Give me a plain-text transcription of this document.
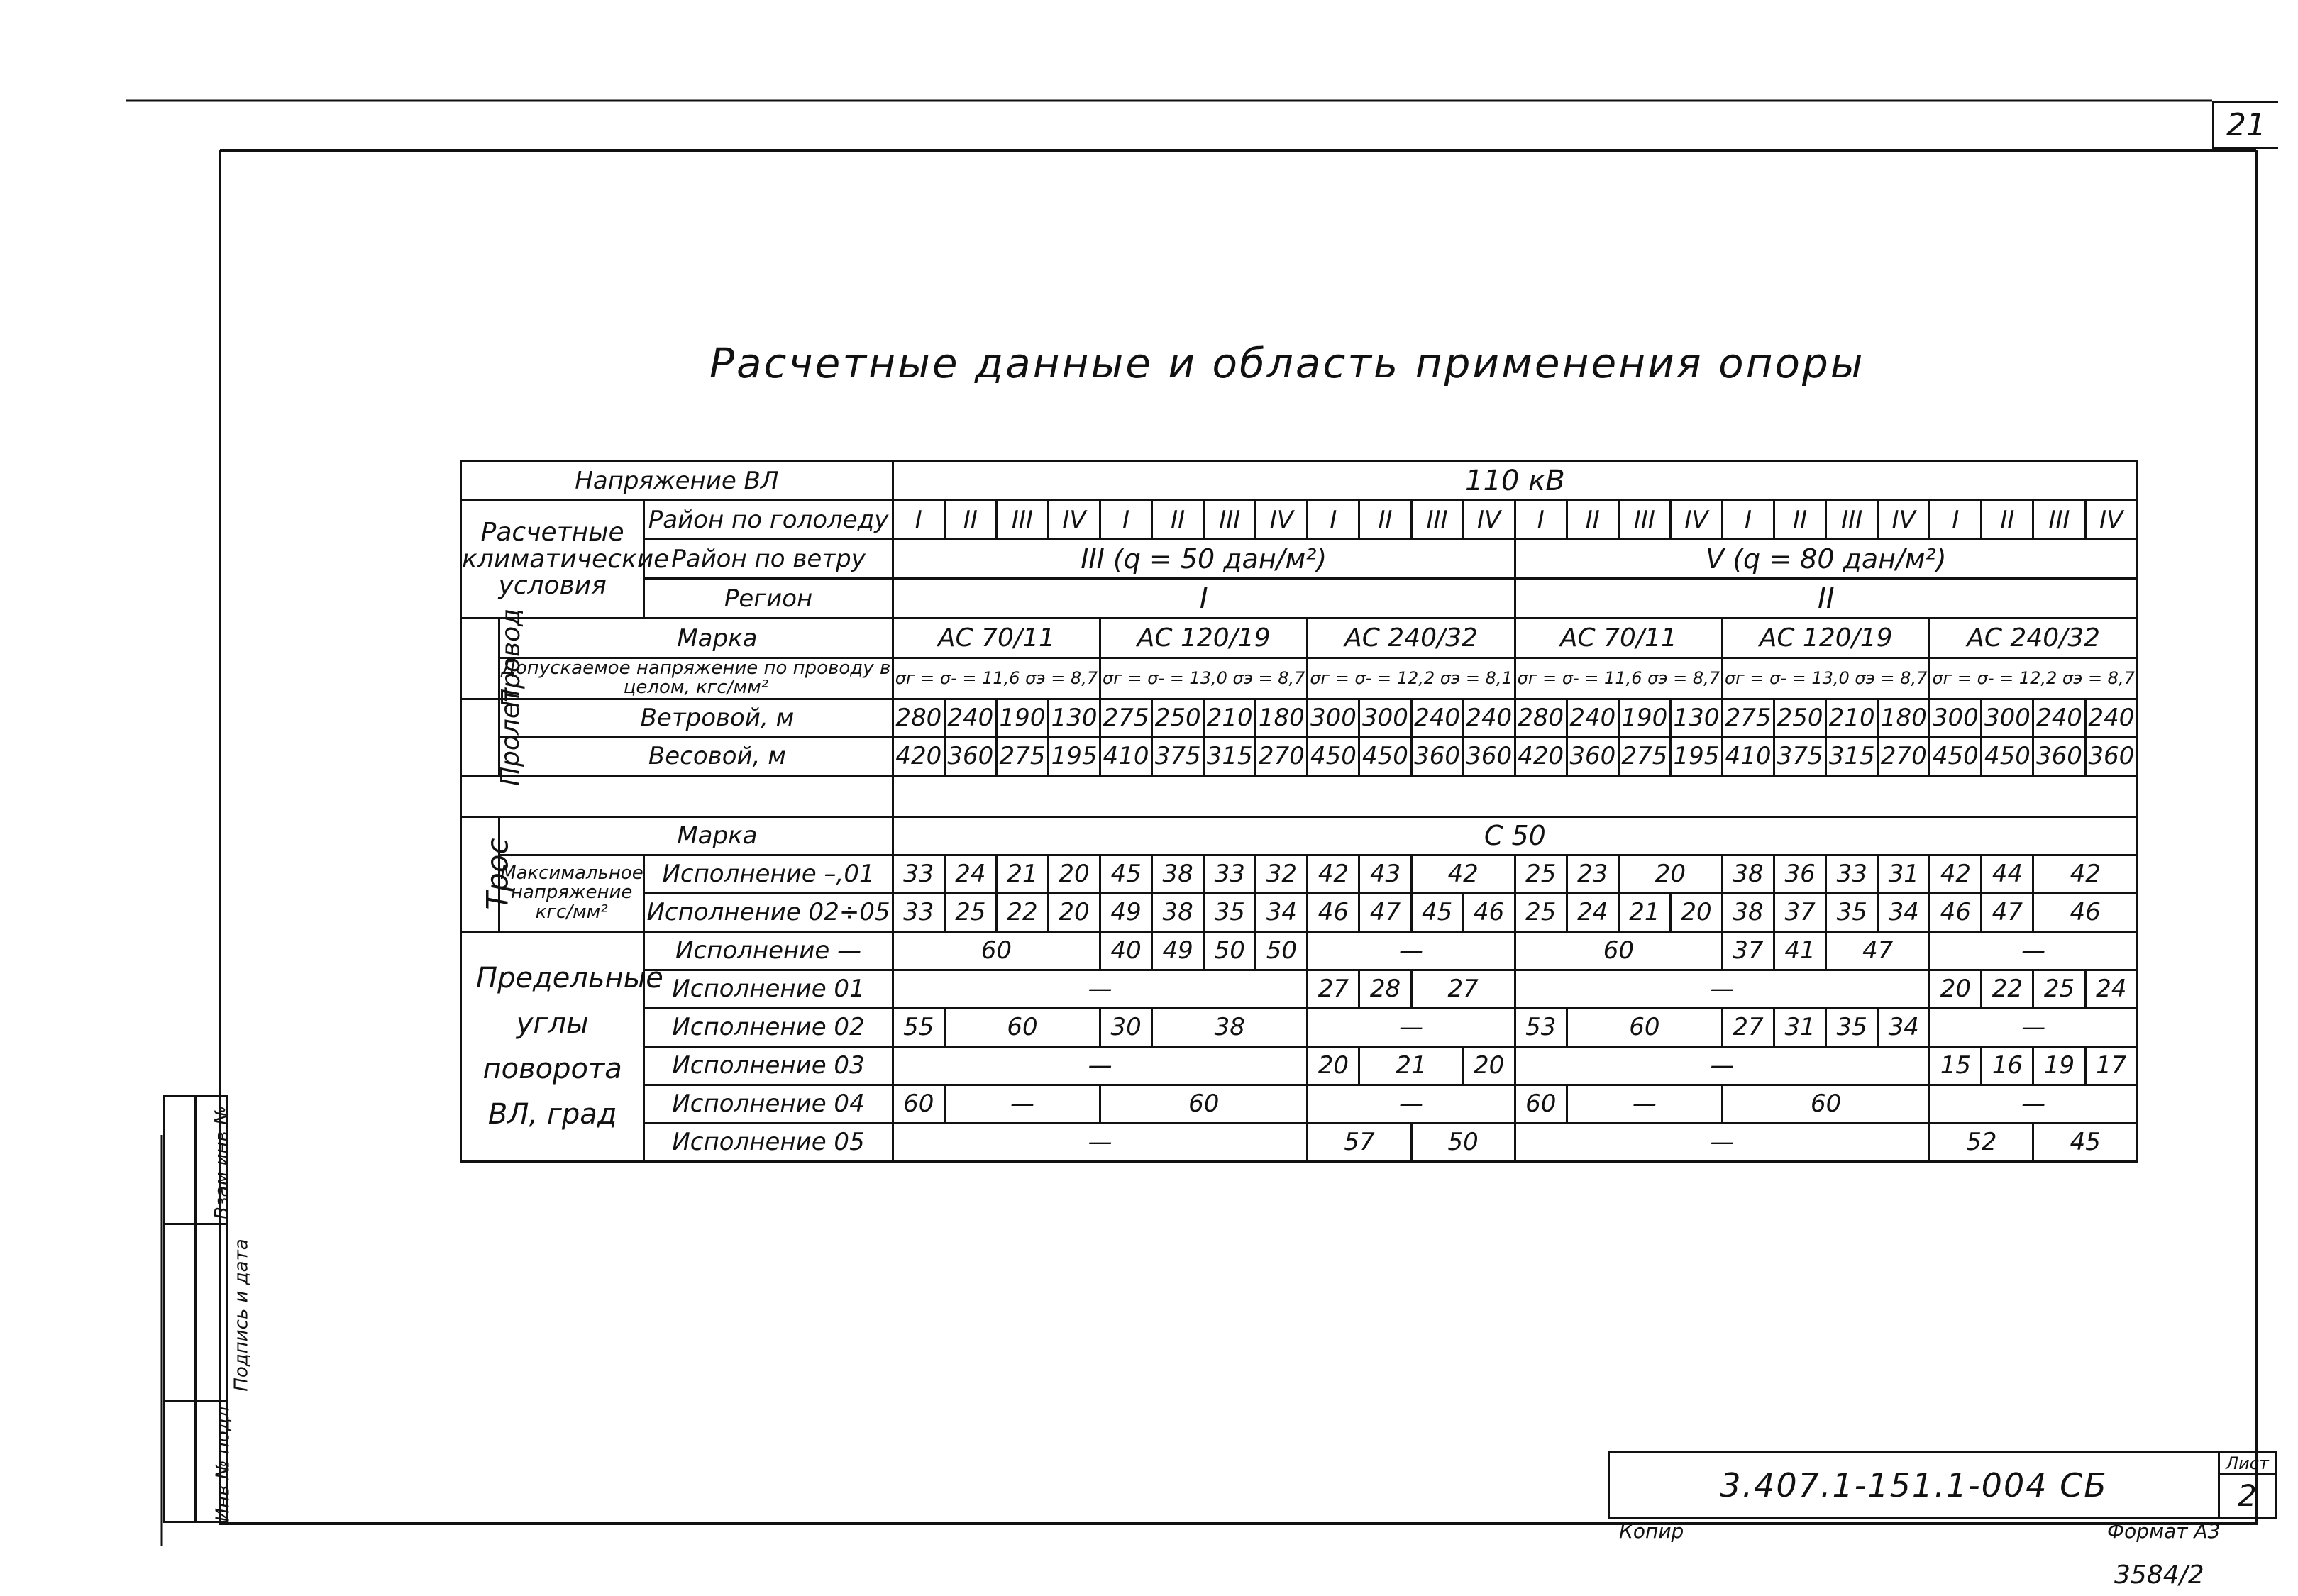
21
Расчетные данные и область применения опоры
Напряжение ВЛ			110 кВ																							
Расчетные климатические условия		Район по гололеду	I	II	III	IV	I	II	III	IV	I	II	III	IV	I	II	III	IV	I	II	III	IV	I	II	III	IV
		Район по ветру	III (q = 50 дан/м²)												V (q = 80 дан/м²)											
		Регион	I												II											
Провод	Марка		АС 70/11				АС 120/19				АС 240/32				АС 70/11				АС 120/19				АС 240/32			
	Допускаемое напряжение по проводу в целом, кгс/мм²		σг = σ- = 11,6 σэ = 8,7				σг = σ- = 13,0 σэ = 8,7				σг = σ- = 12,2 σэ = 8,1				σг = σ- = 11,6 σэ = 8,7				σг = σ- = 13,0 σэ = 8,7				σг = σ- = 12,2 σэ = 8,7			
Пролет	Ветровой, м		280	240	190	130	275	250	210	180	300	300	240	240	280	240	190	130	275	250	210	180	300	300	240	240
	Весовой, м		420	360	275	195	410	375	315	270	450	450	360	360	420	360	275	195	410	375	315	270	450	450	360	360

Трос	Марка		С 50																							
	Максимальное напряжение кгс/мм²	Исполнение –,01	33	24	21	20	45	38	33	32	42	43	42		25	23	20		38	36	33	31	42	44	42	
		Исполнение 02÷05	33	25	22	20	49	38	35	34	46	47	45	46	25	24	21	20	38	37	35	34	46	47	46	
Предельные углы поворота ВЛ, град		Исполнение —	60				40	49	50	50	—				60				37	41	47		—			
		Исполнение 01	—								27	28	27		—								20	22	25	24
		Исполнение 02	55	60			30	38			—				53	60			27	31	35	34	—			
		Исполнение 03	—								20	21		20	—								15	16	19	17
		Исполнение 04	60	—			60				—				60	—			60				—			
		Исполнение 05	—								57		50		—								52		45	
Взам инв №	
Подпись и дата	
Инв № подл		3.407.1-151.1-004 СБ	Лист
2
Копир	Формат А3
3584/2
